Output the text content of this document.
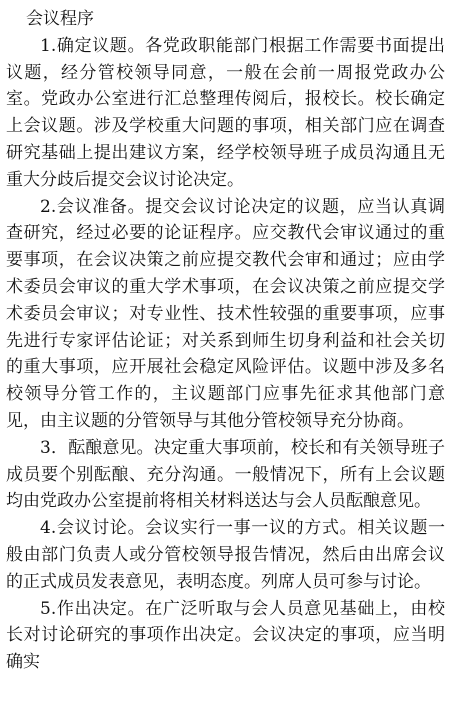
会议程序

1.确定议题。各党政职能部门根据工作需要书面提出议题，经分管校领导同意，一般在会前一周报党政办公室。党政办公室进行汇总整理传阅后，报校长。校长确定上会议题。涉及学校重大问题的事项，相关部门应在调查研究基础上提出建议方案，经学校领导班子成员沟通且无重大分歧后提交会议讨论决定。

2.会议准备。提交会议讨论决定的议题，应当认真调查研究，经过必要的论证程序。应交教代会审议通过的重要事项，在会议决策之前应提交教代会审和通过；应由学术委员会审议的重大学术事项，在会议决策之前应提交学术委员会审议；对专业性、技术性较强的重要事项，应事先进行专家评估论证；对关系到师生切身利益和社会关切的重大事项，应开展社会稳定风险评估。议题中涉及多名校领导分管工作的，主议题部门应事先征求其他部门意见，由主议题的分管领导与其他分管校领导充分协商。

3．酝酿意见。决定重大事项前，校长和有关领导班子成员要个别酝酿、充分沟通。一般情况下，所有上会议题均由党政办公室提前将相关材料送达与会人员酝酿意见。

4.会议讨论。会议实行一事一议的方式。相关议题一般由部门负责人或分管校领导报告情况，然后由出席会议的正式成员发表意见，表明态度。列席人员可参与讨论。

5.作出决定。在广泛听取与会人员意见基础上，由校长对讨论研究的事项作出决定。会议决定的事项，应当明确实
